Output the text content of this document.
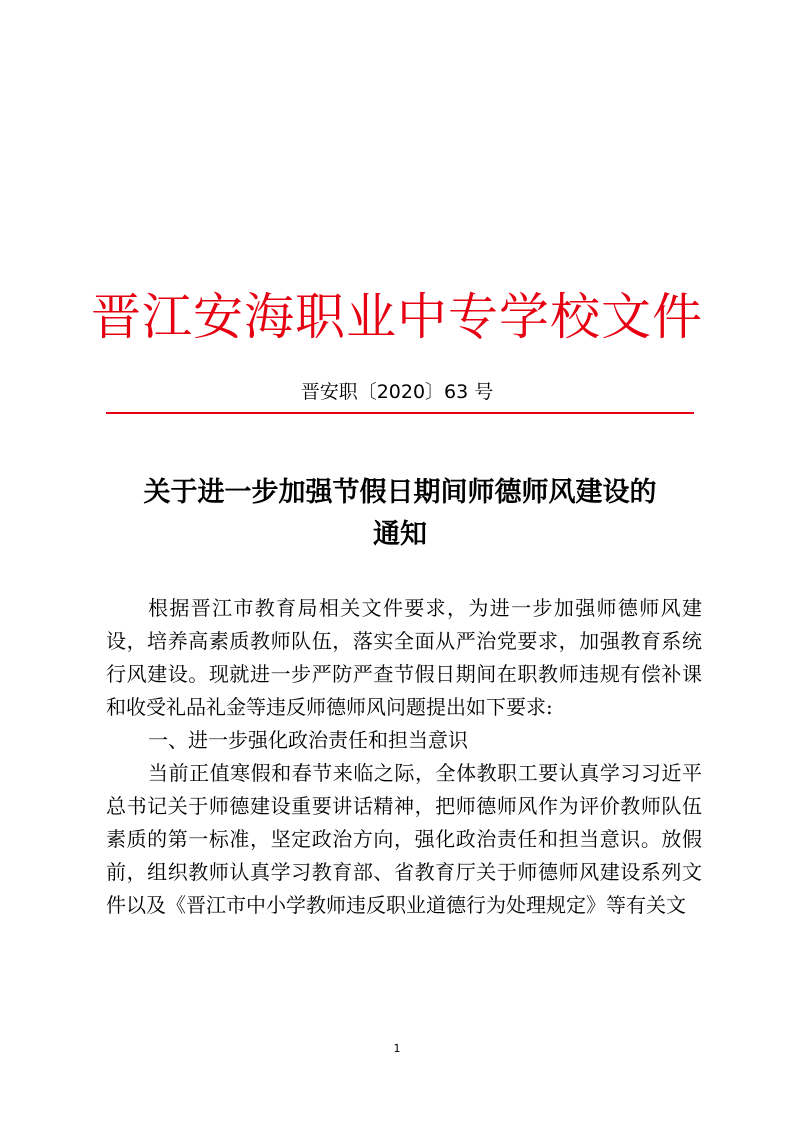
晋江安海职业中专学校文件
晋安职〔2020〕63 号
关于进一步加强节假日期间师德师风建设的
通知

根据晋江市教育局相关文件要求，为进一步加强师德师风建设，培养高素质教师队伍，落实全面从严治党要求，加强教育系统行风建设。现就进一步严防严查节假日期间在职教师违规有偿补课和收受礼品礼金等违反师德师风问题提出如下要求:

一、进一步强化政治责任和担当意识

当前正值寒假和春节来临之际，全体教职工要认真学习习近平总书记关于师德建设重要讲话精神，把师德师风作为评价教师队伍素质的第一标准，坚定政治方向，强化政治责任和担当意识。放假前，组织教师认真学习教育部、省教育厅关于师德师风建设系列文件以及《晋江市中小学教师违反职业道德行为处理规定》等有关文

1
